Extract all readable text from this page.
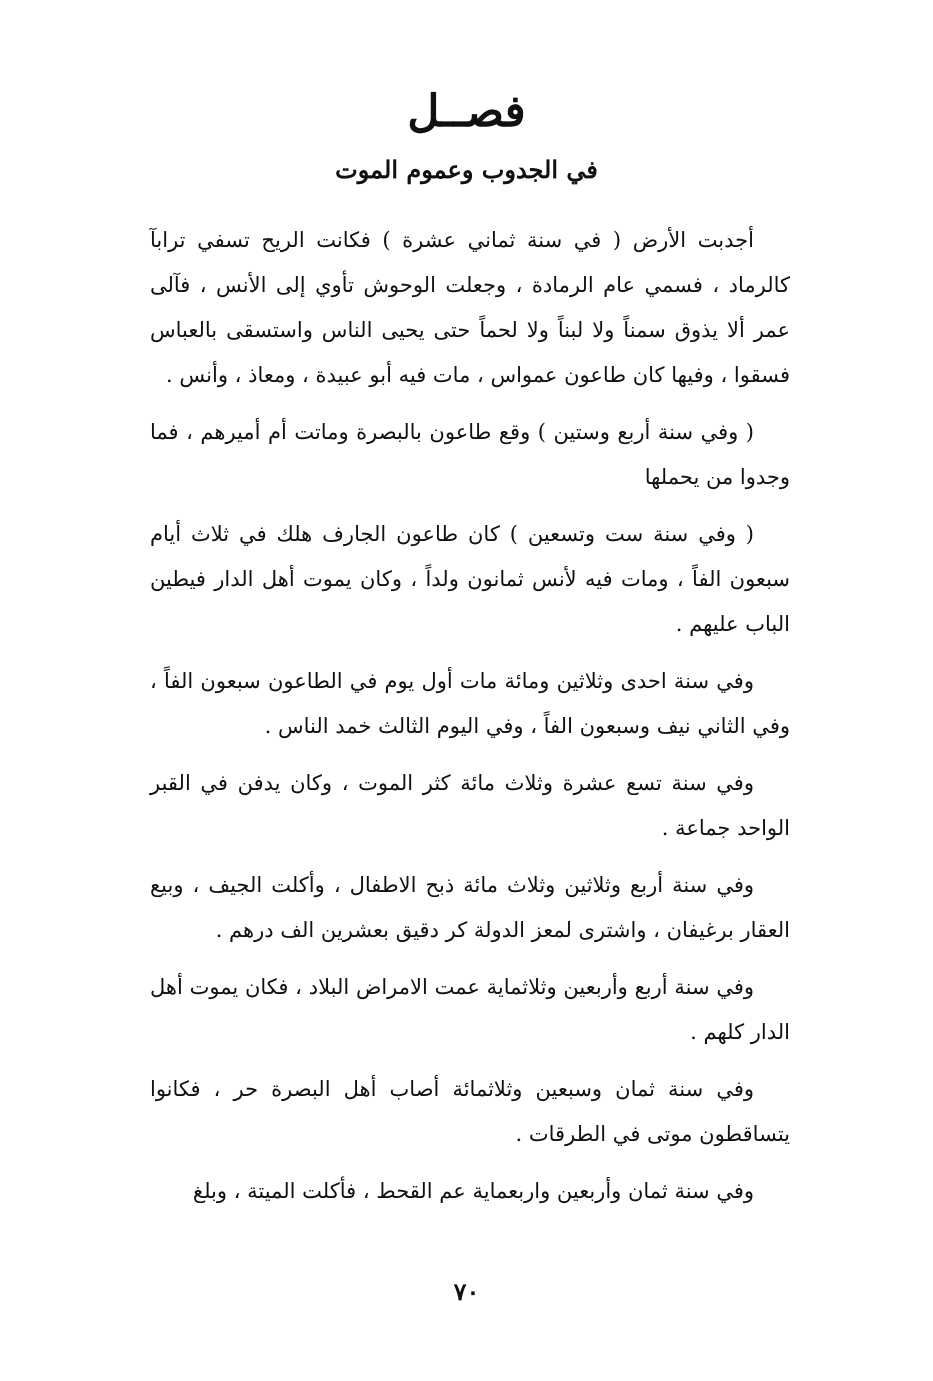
فصــل
في الجدوب وعموم الموت

أجدبت الأرض ( في سنة ثماني عشرة ) فكانت الريح تسفي ترابآ كالرماد ، فسمي عام الرمادة ، وجعلت الوحوش تأوي إلى الأنس ، فآلى عمر ألا يذوق سمناً ولا لبناً ولا لحماً حتى يحيى الناس واستسقى بالعباس فسقوا ، وفيها كان طاعون عمواس ، مات فيه أبو عبيدة ، ومعاذ ، وأنس .

( وفي سنة أربع وستين ) وقع طاعون بالبصرة وماتت أم أميرهم ، فما وجدوا من يحملها

( وفي سنة ست وتسعين ) كان طاعون الجارف هلك في ثلاث أيام سبعون الفاً ، ومات فيه لأنس ثمانون ولداً ، وكان يموت أهل الدار فيطين الباب عليهم .

وفي سنة احدى وثلاثين ومائة مات أول يوم في الطاعون سبعون الفاً ، وفي الثاني نيف وسبعون الفاً ، وفي اليوم الثالث خمد الناس .

وفي سنة تسع عشرة وثلاث مائة كثر الموت ، وكان يدفن في القبر الواحد جماعة .

وفي سنة أربع وثلاثين وثلاث مائة ذبح الاطفال ، وأكلت الجيف ، وبيع العقار برغيفان ، واشترى لمعز الدولة كر دقيق بعشرين الف درهم .

وفي سنة أربع وأربعين وثلاثماية عمت الامراض البلاد ، فكان يموت أهل الدار كلهم .

وفي سنة ثمان وسبعين وثلاثمائة أصاب أهل البصرة حر ، فكانوا يتساقطون موتى في الطرقات .

وفي سنة ثمان وأربعين واربعماية عم القحط ، فأكلت الميتة ، وبلغ

٧٠
